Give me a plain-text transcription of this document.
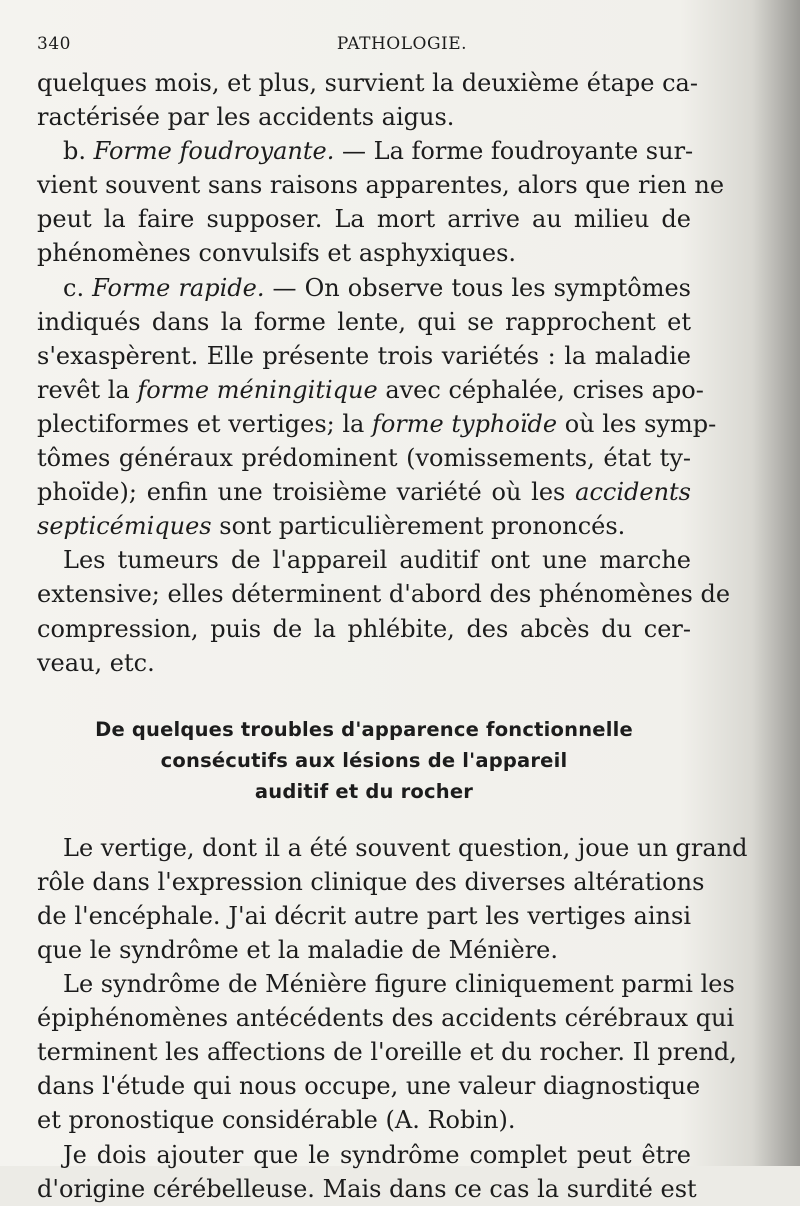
340	PATHOLOGIE.
quelques mois, et plus, survient la deuxième étape ca-
ractérisée par les accidents aigus.
b. Forme foudroyante. — La forme foudroyante sur-
vient souvent sans raisons apparentes, alors que rien ne
peut la faire supposer. La mort arrive au milieu de
phénomènes convulsifs et asphyxiques.
c. Forme rapide. — On observe tous les symptômes
indiqués dans la forme lente, qui se rapprochent et
s'exaspèrent. Elle présente trois variétés : la maladie
revêt la forme méningitique avec céphalée, crises apo-
plectiformes et vertiges; la forme typhoïde où les symp-
tômes généraux prédominent (vomissements, état ty-
phoïde); enfin une troisième variété où les accidents
septicémiques sont particulièrement prononcés.
Les tumeurs de l'appareil auditif ont une marche
extensive; elles déterminent d'abord des phénomènes de
compression, puis de la phlébite, des abcès du cer-
veau, etc.
De quelques troubles d'apparence fonctionnelle
consécutifs aux lésions de l'appareil
auditif et du rocher
Le vertige, dont il a été souvent question, joue un grand
rôle dans l'expression clinique des diverses altérations
de l'encéphale. J'ai décrit autre part les vertiges ainsi
que le syndrôme et la maladie de Ménière.
Le syndrôme de Ménière figure cliniquement parmi les
épiphénomènes antécédents des accidents cérébraux qui
terminent les affections de l'oreille et du rocher. Il prend,
dans l'étude qui nous occupe, une valeur diagnostique
et pronostique considérable (A. Robin).
Je dois ajouter que le syndrôme complet peut être
d'origine cérébelleuse. Mais dans ce cas la surdité est
